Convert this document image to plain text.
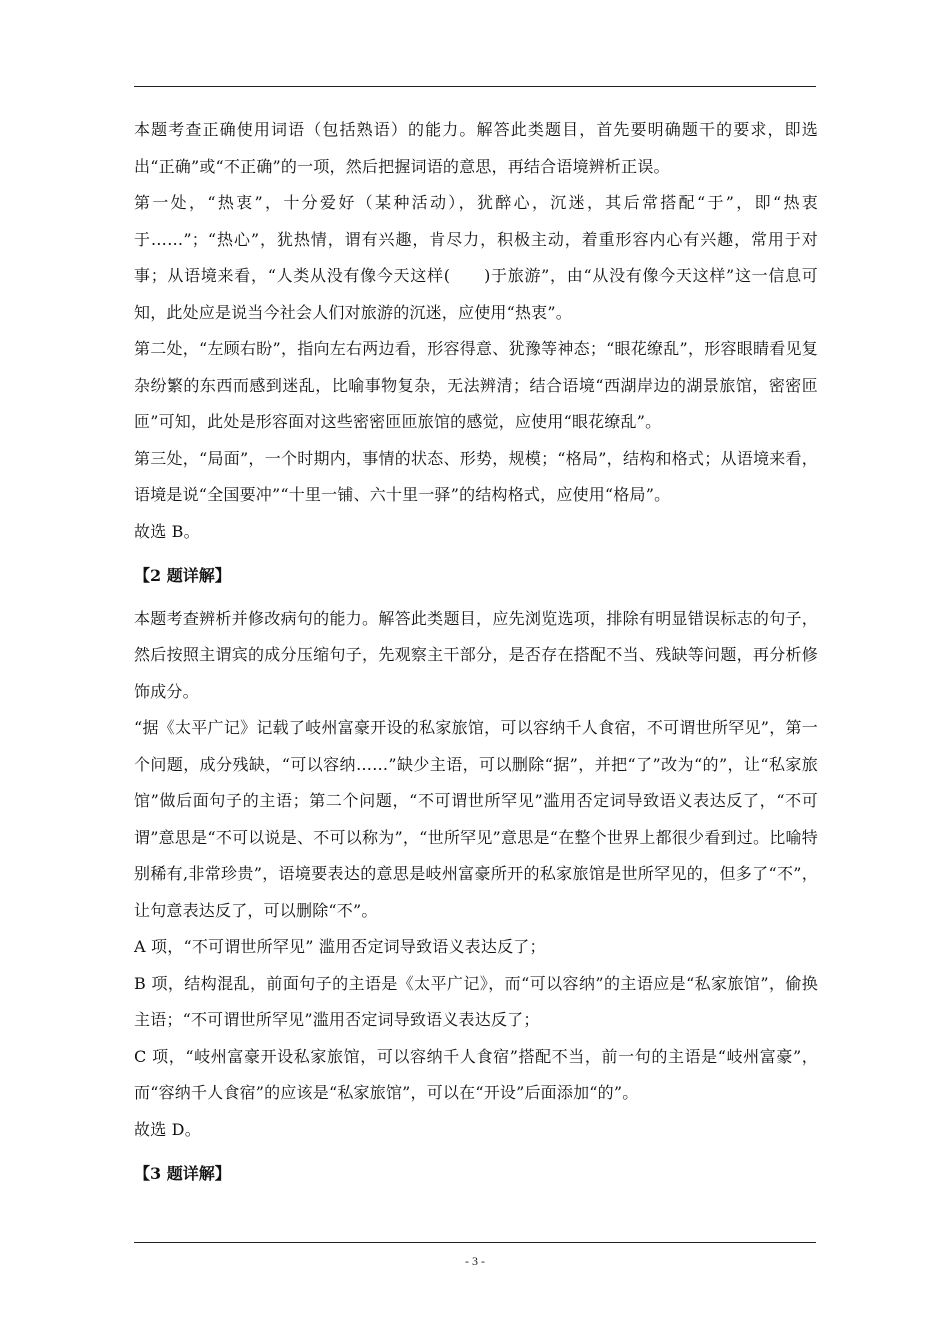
本题考查正确使用词语（包括熟语）的能力。解答此类题目，首先要明确题干的要求，即选出“正确”或“不正确”的一项，然后把握词语的意思，再结合语境辨析正误。

第一处，“热衷”，十分爱好（某种活动），犹醉心，沉迷，其后常搭配“于”，即“热衷于……”；“热心”，犹热情，谓有兴趣，肯尽力，积极主动，着重形容内心有兴趣，常用于对事；从语境来看，“人类从没有像今天这样(　　)于旅游”，由“从没有像今天这样”这一信息可知，此处应是说当今社会人们对旅游的沉迷，应使用“热衷”。

第二处，“左顾右盼”，指向左右两边看，形容得意、犹豫等神态；“眼花缭乱”，形容眼睛看见复杂纷繁的东西而感到迷乱，比喻事物复杂，无法辨清；结合语境“西湖岸边的湖景旅馆，密密匝匝”可知，此处是形容面对这些密密匝匝旅馆的感觉，应使用“眼花缭乱”。

第三处，“局面”，一个时期内，事情的状态、形势，规模；“格局”，结构和格式；从语境来看，语境是说“全国要冲”“十里一铺、六十里一驿”的结构格式，应使用“格局”。

故选 B。

【2 题详解】

本题考查辨析并修改病句的能力。解答此类题目，应先浏览选项，排除有明显错误标志的句子，然后按照主谓宾的成分压缩句子，先观察主干部分，是否存在搭配不当、残缺等问题，再分析修饰成分。

“据《太平广记》记载了岐州富豪开设的私家旅馆，可以容纳千人食宿，不可谓世所罕见”，第一个问题，成分残缺，“可以容纳……”缺少主语，可以删除“据”，并把“了”改为“的”，让“私家旅馆”做后面句子的主语；第二个问题，“不可谓世所罕见”滥用否定词导致语义表达反了，“不可谓”意思是“不可以说是、不可以称为”，“世所罕见”意思是“在整个世界上都很少看到过。比喻特别稀有,非常珍贵”，语境要表达的意思是岐州富豪所开的私家旅馆是世所罕见的，但多了“不”，让句意表达反了，可以删除“不”。

A 项，“不可谓世所罕见” 滥用否定词导致语义表达反了；

B 项，结构混乱，前面句子的主语是《太平广记》，而“可以容纳”的主语应是“私家旅馆”，偷换主语；“不可谓世所罕见”滥用否定词导致语义表达反了；

C 项，“岐州富豪开设私家旅馆，可以容纳千人食宿”搭配不当，前一句的主语是“岐州富豪”，而“容纳千人食宿”的应该是“私家旅馆”，可以在“开设”后面添加“的”。

故选 D。

【3 题详解】
- 3 -
